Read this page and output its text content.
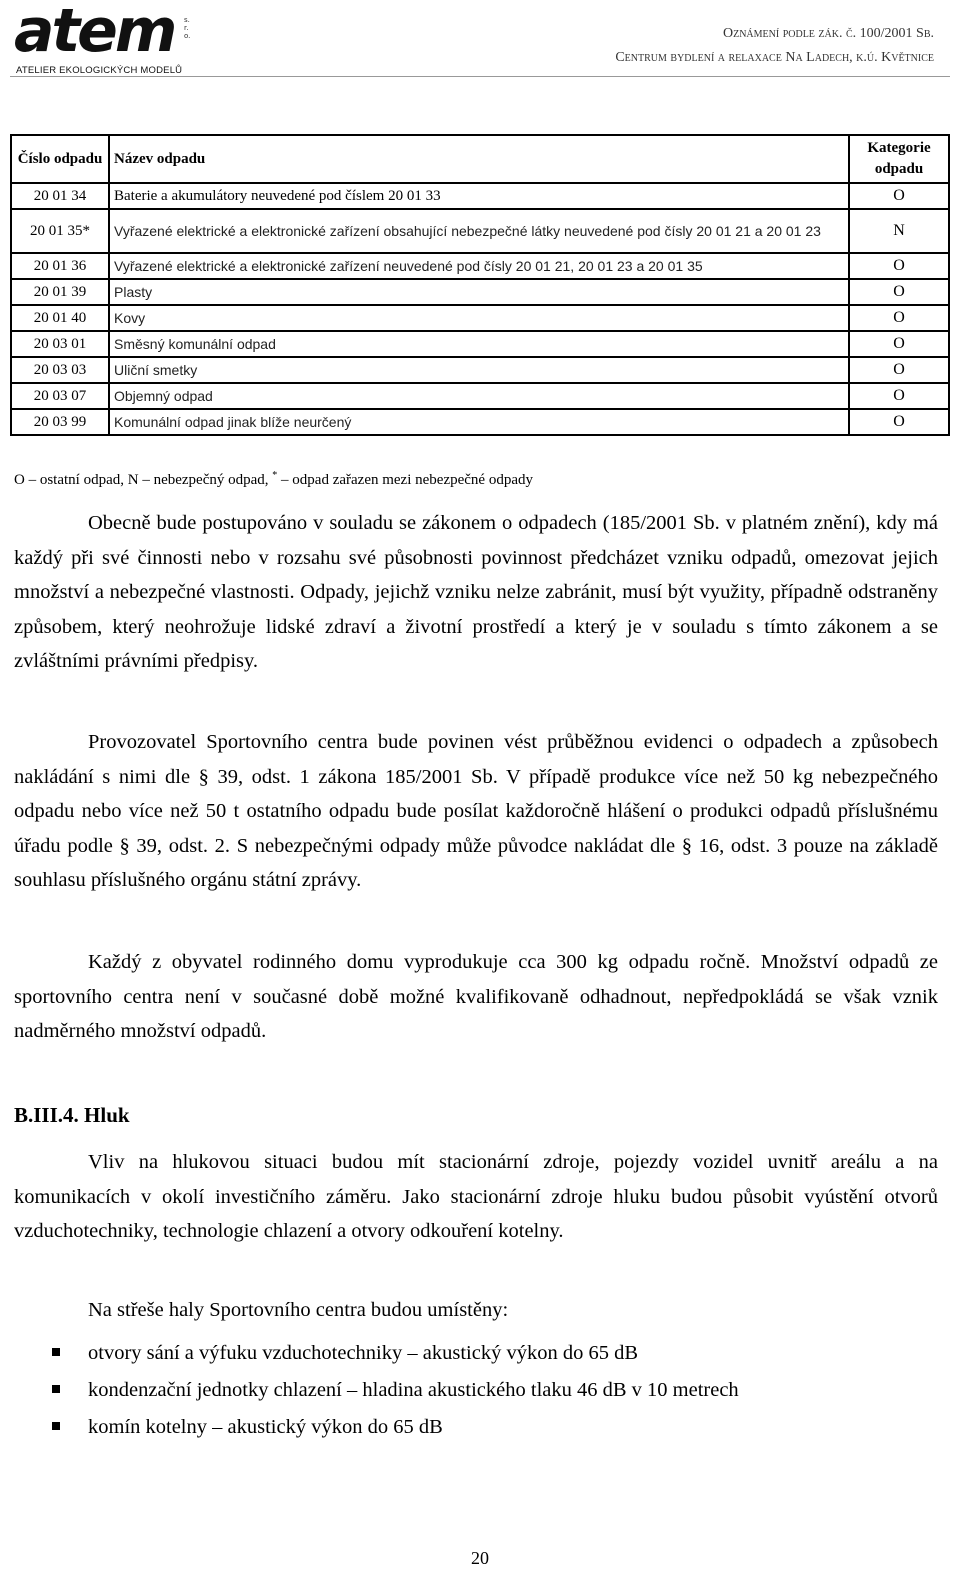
atem s.r.o.
ATELIER EKOLOGICKÝCH MODELŮ
Oznámení podle zák. č. 100/2001 Sb.
Centrum bydlení a relaxace Na Ladech, k.ú. Květnice
Číslo odpadu	Název odpadu	Kategorie odpadu
20 01 34	Baterie a akumulátory neuvedené pod číslem 20 01 33	O
20 01 35*	Vyřazené elektrické a elektronické zařízení obsahující nebezpečné látky neuvedené pod čísly 20 01 21 a 20 01 23	N
20 01 36	Vyřazené elektrické a elektronické zařízení neuvedené pod čísly 20 01 21, 20 01 23 a 20 01 35	O
20 01 39	Plasty	O
20 01 40	Kovy	O
20 03 01	Směsný komunální odpad	O
20 03 03	Uliční smetky	O
20 03 07	Objemný odpad	O
20 03 99	Komunální odpad jinak blíže neurčený	O
O – ostatní odpad, N – nebezpečný odpad, * – odpad zařazen mezi nebezpečné odpady

Obecně bude postupováno v souladu se zákonem o odpadech (185/2001 Sb. v platném znění), kdy má každý při své činnosti nebo v rozsahu své působnosti povinnost předcházet vzniku odpadů, omezovat jejich množství a nebezpečné vlastnosti. Odpady, jejichž vzniku nelze zabránit, musí být využity, případně odstraněny způsobem, který neohrožuje lidské zdraví a životní prostředí a který je v souladu s tímto zákonem a se zvláštními právními předpisy.

Provozovatel Sportovního centra bude povinen vést průběžnou evidenci o odpadech a způsobech nakládání s nimi dle § 39, odst. 1 zákona 185/2001 Sb. V případě produkce více než 50 kg nebezpečného odpadu nebo více než 50 t ostatního odpadu bude posílat každoročně hlášení o produkci odpadů příslušnému úřadu podle § 39, odst. 2. S nebezpečnými odpady může původce nakládat dle § 16, odst. 3 pouze na základě souhlasu příslušného orgánu státní zprávy.

Každý z obyvatel rodinného domu vyprodukuje cca 300 kg odpadu ročně. Množství odpadů ze sportovního centra není v současné době možné kvalifikovaně odhadnout, nepředpokládá se však vznik nadměrného množství odpadů.

B.III.4. Hluk

Vliv na hlukovou situaci budou mít stacionární zdroje, pojezdy vozidel uvnitř areálu a na komunikacích v okolí investičního záměru. Jako stacionární zdroje hluku budou působit vyústění otvorů vzduchotechniky, technologie chlazení a otvory odkouření kotelny.

Na střeše haly Sportovního centra budou umístěny:

otvory sání a výfuku vzduchotechniky – akustický výkon do 65 dB
kondenzační jednotky chlazení – hladina akustického tlaku 46 dB v 10 metrech
komín kotelny – akustický výkon do 65 dB
20
